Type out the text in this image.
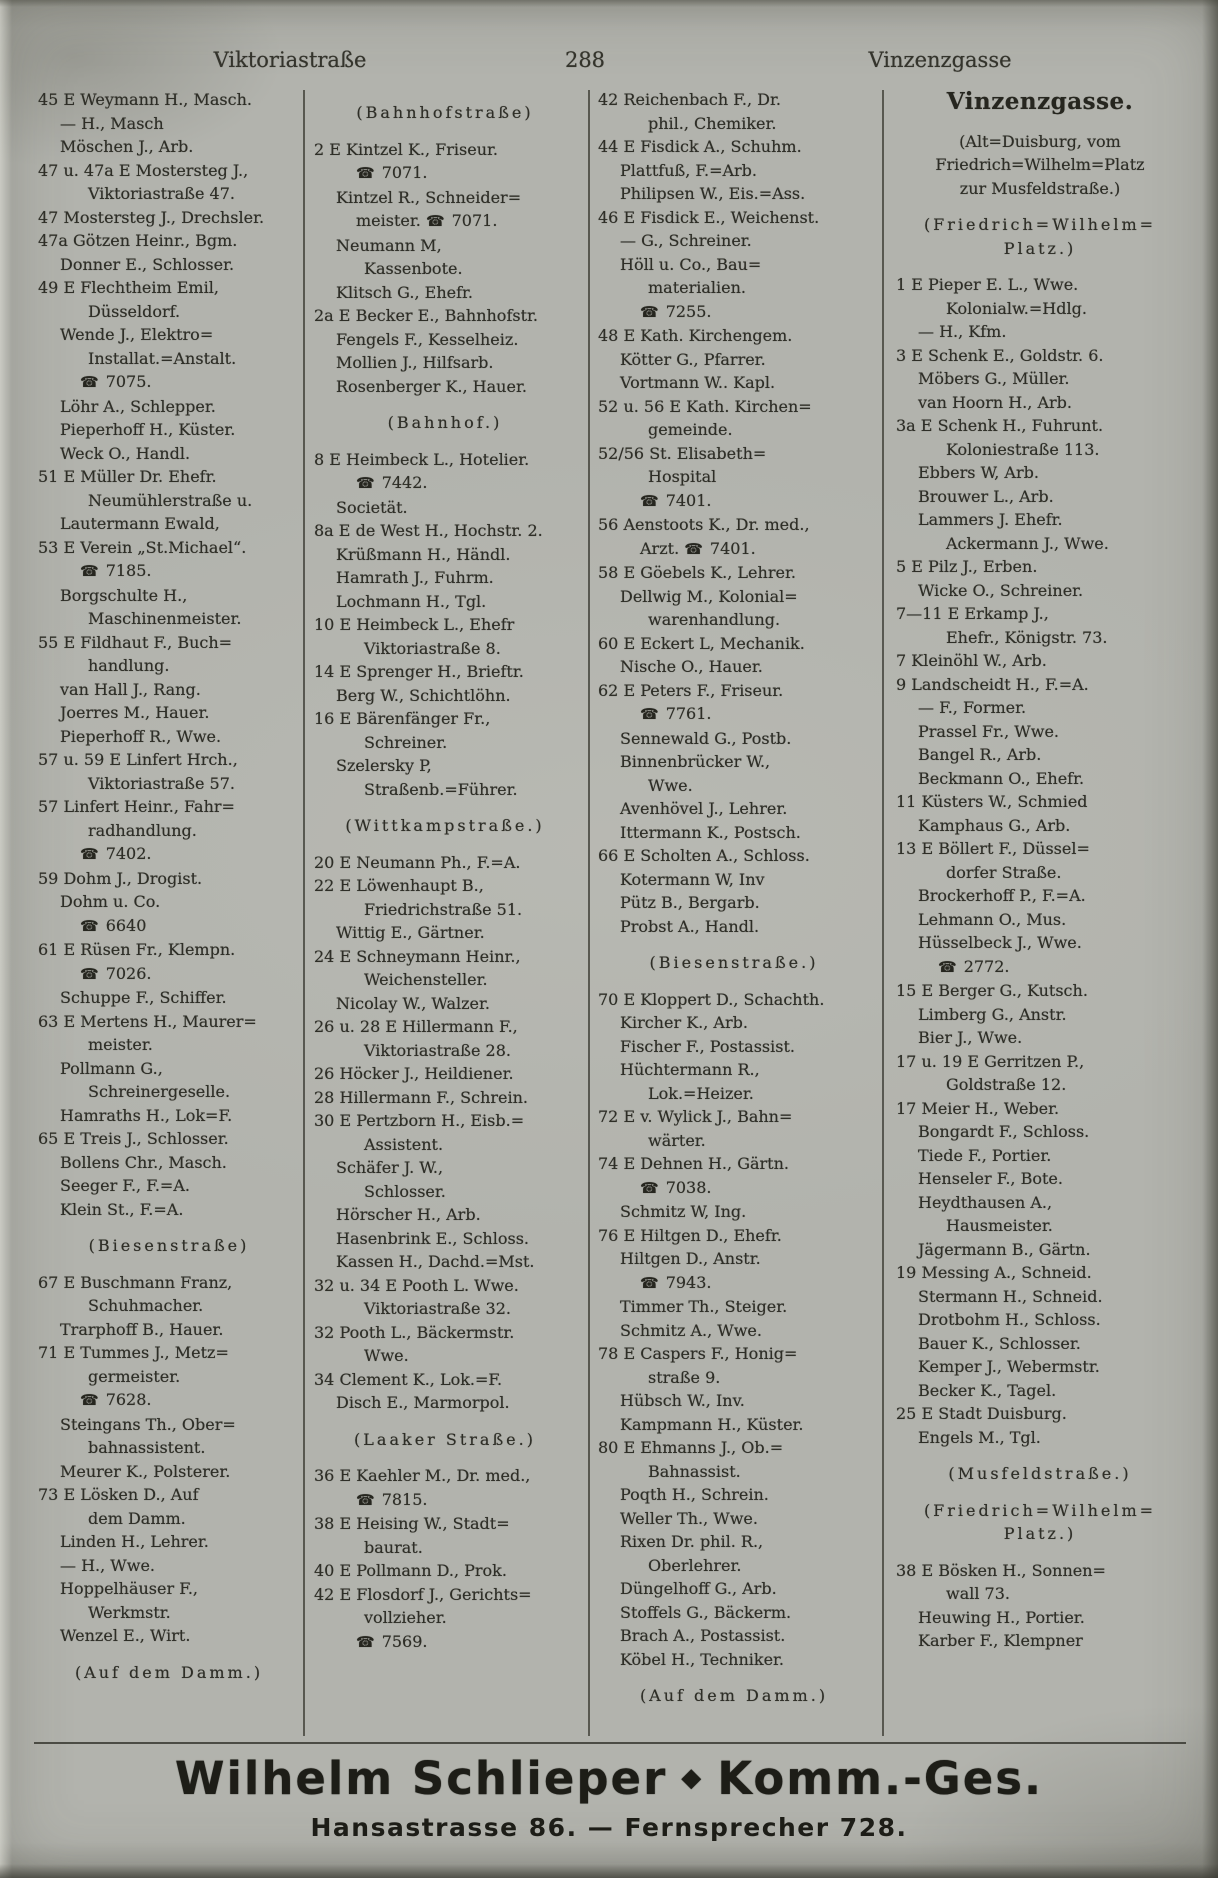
Viktoriastraße	288	Vinzenzgasse
45 E Weymann H., Masch.
— H., Masch
Möschen J., Arb.
47 u. 47a E Mostersteg J.,
Viktoriastraße 47.
47 Mostersteg J., Drechsler.
47a Götzen Heinr., Bgm.
Donner E., Schlosser.
49 E Flechtheim Emil,
Düsseldorf.
Wende J., Elektro=
Installat.=Anstalt.
☎ 7075.
Löhr A., Schlepper.
Pieperhoff H., Küster.
Weck O., Handl.
51 E Müller Dr. Ehefr.
Neumühlerstraße u.
Lautermann Ewald,
53 E Verein „St.Michael“.
☎ 7185.
Borgschulte H.,
Maschinenmeister.
55 E Fildhaut F., Buch=
handlung.
van Hall J., Rang.
Joerres M., Hauer.
Pieperhoff R., Wwe.
57 u. 59 E Linfert Hrch.,
Viktoriastraße 57.
57 Linfert Heinr., Fahr=
radhandlung.
☎ 7402.
59 Dohm J., Drogist.
Dohm u. Co.
☎ 6640
61 E Rüsen Fr., Klempn.
☎ 7026.
Schuppe F., Schiffer.
63 E Mertens H., Maurer=
meister.
Pollmann G.,
Schreinergeselle.
Hamraths H., Lok=F.
65 E Treis J., Schlosser.
Bollens Chr., Masch.
Seeger F., F.=A.
Klein St., F.=A.
(Biesenstraße)
67 E Buschmann Franz,
Schuhmacher.
Trarphoff B., Hauer.
71 E Tummes J., Metz=
germeister.
☎ 7628.
Steingans Th., Ober=
bahnassistent.
Meurer K., Polsterer.
73 E Lösken D., Auf
dem Damm.
Linden H., Lehrer.
— H., Wwe.
Hoppelhäuser F.,
Werkmstr.
Wenzel E., Wirt.
(Auf dem Damm.)
(Bahnhofstraße)
2 E Kintzel K., Friseur.
☎ 7071.
Kintzel R., Schneider=
meister. ☎ 7071.
Neumann M,
Kassenbote.
Klitsch G., Ehefr.
2a E Becker E., Bahnhofstr.
Fengels F., Kesselheiz.
Mollien J., Hilfsarb.
Rosenberger K., Hauer.
(Bahnhof.)
8 E Heimbeck L., Hotelier.
☎ 7442.
Societät.
8a E de West H., Hochstr. 2.
Krüßmann H., Händl.
Hamrath J., Fuhrm.
Lochmann H., Tgl.
10 E Heimbeck L., Ehefr
Viktoriastraße 8.
14 E Sprenger H., Brieftr.
Berg W., Schichtlöhn.
16 E Bärenfänger Fr.,
Schreiner.
Szelersky P,
Straßenb.=Führer.
(Wittkampstraße.)
20 E Neumann Ph., F.=A.
22 E Löwenhaupt B.,
Friedrichstraße 51.
Wittig E., Gärtner.
24 E Schneymann Heinr.,
Weichensteller.
Nicolay W., Walzer.
26 u. 28 E Hillermann F.,
Viktoriastraße 28.
26 Höcker J., Heildiener.
28 Hillermann F., Schrein.
30 E Pertzborn H., Eisb.=
Assistent.
Schäfer J. W.,
Schlosser.
Hörscher H., Arb.
Hasenbrink E., Schloss.
Kassen H., Dachd.=Mst.
32 u. 34 E Pooth L. Wwe.
Viktoriastraße 32.
32 Pooth L., Bäckermstr.
Wwe.
34 Clement K., Lok.=F.
Disch E., Marmorpol.
(Laaker Straße.)
36 E Kaehler M., Dr. med.,
☎ 7815.
38 E Heising W., Stadt=
baurat.
40 E Pollmann D., Prok.
42 E Flosdorf J., Gerichts=
vollzieher.
☎ 7569.
42 Reichenbach F., Dr.
phil., Chemiker.
44 E Fisdick A., Schuhm.
Plattfuß, F.=Arb.
Philipsen W., Eis.=Ass.
46 E Fisdick E., Weichenst.
— G., Schreiner.
Höll u. Co., Bau=
materialien.
☎ 7255.
48 E Kath. Kirchengem.
Kötter G., Pfarrer.
Vortmann W.. Kapl.
52 u. 56 E Kath. Kirchen=
gemeinde.
52/56 St. Elisabeth=
Hospital
☎ 7401.
56 Aenstoots K., Dr. med.,
Arzt. ☎ 7401.
58 E Göebels K., Lehrer.
Dellwig M., Kolonial=
warenhandlung.
60 E Eckert L, Mechanik.
Nische O., Hauer.
62 E Peters F., Friseur.
☎ 7761.
Sennewald G., Postb.
Binnenbrücker W.,
Wwe.
Avenhövel J., Lehrer.
Ittermann K., Postsch.
66 E Scholten A., Schloss.
Kotermann W, Inv
Pütz B., Bergarb.
Probst A., Handl.
(Biesenstraße.)
70 E Kloppert D., Schachth.
Kircher K., Arb.
Fischer F., Postassist.
Hüchtermann R.,
Lok.=Heizer.
72 E v. Wylick J., Bahn=
wärter.
74 E Dehnen H., Gärtn.
☎ 7038.
Schmitz W, Ing.
76 E Hiltgen D., Ehefr.
Hiltgen D., Anstr.
☎ 7943.
Timmer Th., Steiger.
Schmitz A., Wwe.
78 E Caspers F., Honig=
straße 9.
Hübsch W., Inv.
Kampmann H., Küster.
80 E Ehmanns J., Ob.=
Bahnassist.
Poqth H., Schrein.
Weller Th., Wwe.
Rixen Dr. phil. R.,
Oberlehrer.
Düngelhoff G., Arb.
Stoffels G., Bäckerm.
Brach A., Postassist.
Köbel H., Techniker.
(Auf dem Damm.)
Vinzenzgasse.
(Alt=Duisburg, vom
Friedrich=Wilhelm=Platz
zur Musfeldstraße.)
(Friedrich=Wilhelm=
Platz.)
1 E Pieper E. L., Wwe.
Kolonialw.=Hdlg.
— H., Kfm.
3 E Schenk E., Goldstr. 6.
Möbers G., Müller.
van Hoorn H., Arb.
3a E Schenk H., Fuhrunt.
Koloniestraße 113.
Ebbers W, Arb.
Brouwer L., Arb.
Lammers J. Ehefr.
Ackermann J., Wwe.
5 E Pilz J., Erben.
Wicke O., Schreiner.
7—11 E Erkamp J.,
Ehefr., Königstr. 73.
7 Kleinöhl W., Arb.
9 Landscheidt H., F.=A.
— F., Former.
Prassel Fr., Wwe.
Bangel R., Arb.
Beckmann O., Ehefr.
11 Küsters W., Schmied
Kamphaus G., Arb.
13 E Böllert F., Düssel=
dorfer Straße.
Brockerhoff P., F.=A.
Lehmann O., Mus.
Hüsselbeck J., Wwe.
☎ 2772.
15 E Berger G., Kutsch.
Limberg G., Anstr.
Bier J., Wwe.
17 u. 19 E Gerritzen P.,
Goldstraße 12.
17 Meier H., Weber.
Bongardt F., Schloss.
Tiede F., Portier.
Henseler F., Bote.
Heydthausen A.,
Hausmeister.
Jägermann B., Gärtn.
19 Messing A., Schneid.
Stermann H., Schneid.
Drotbohm H., Schloss.
Bauer K., Schlosser.
Kemper J., Webermstr.
Becker K., Tagel.
25 E Stadt Duisburg.
Engels M., Tgl.
(Musfeldstraße.)
(Friedrich=Wilhelm=
Platz.)
38 E Bösken H., Sonnen=
wall 73.
Heuwing H., Portier.
Karber F., Klempner
Wilhelm Schlieper ◆ Komm.-Ges.
Hansastrasse 86. — Fernsprecher 728.
